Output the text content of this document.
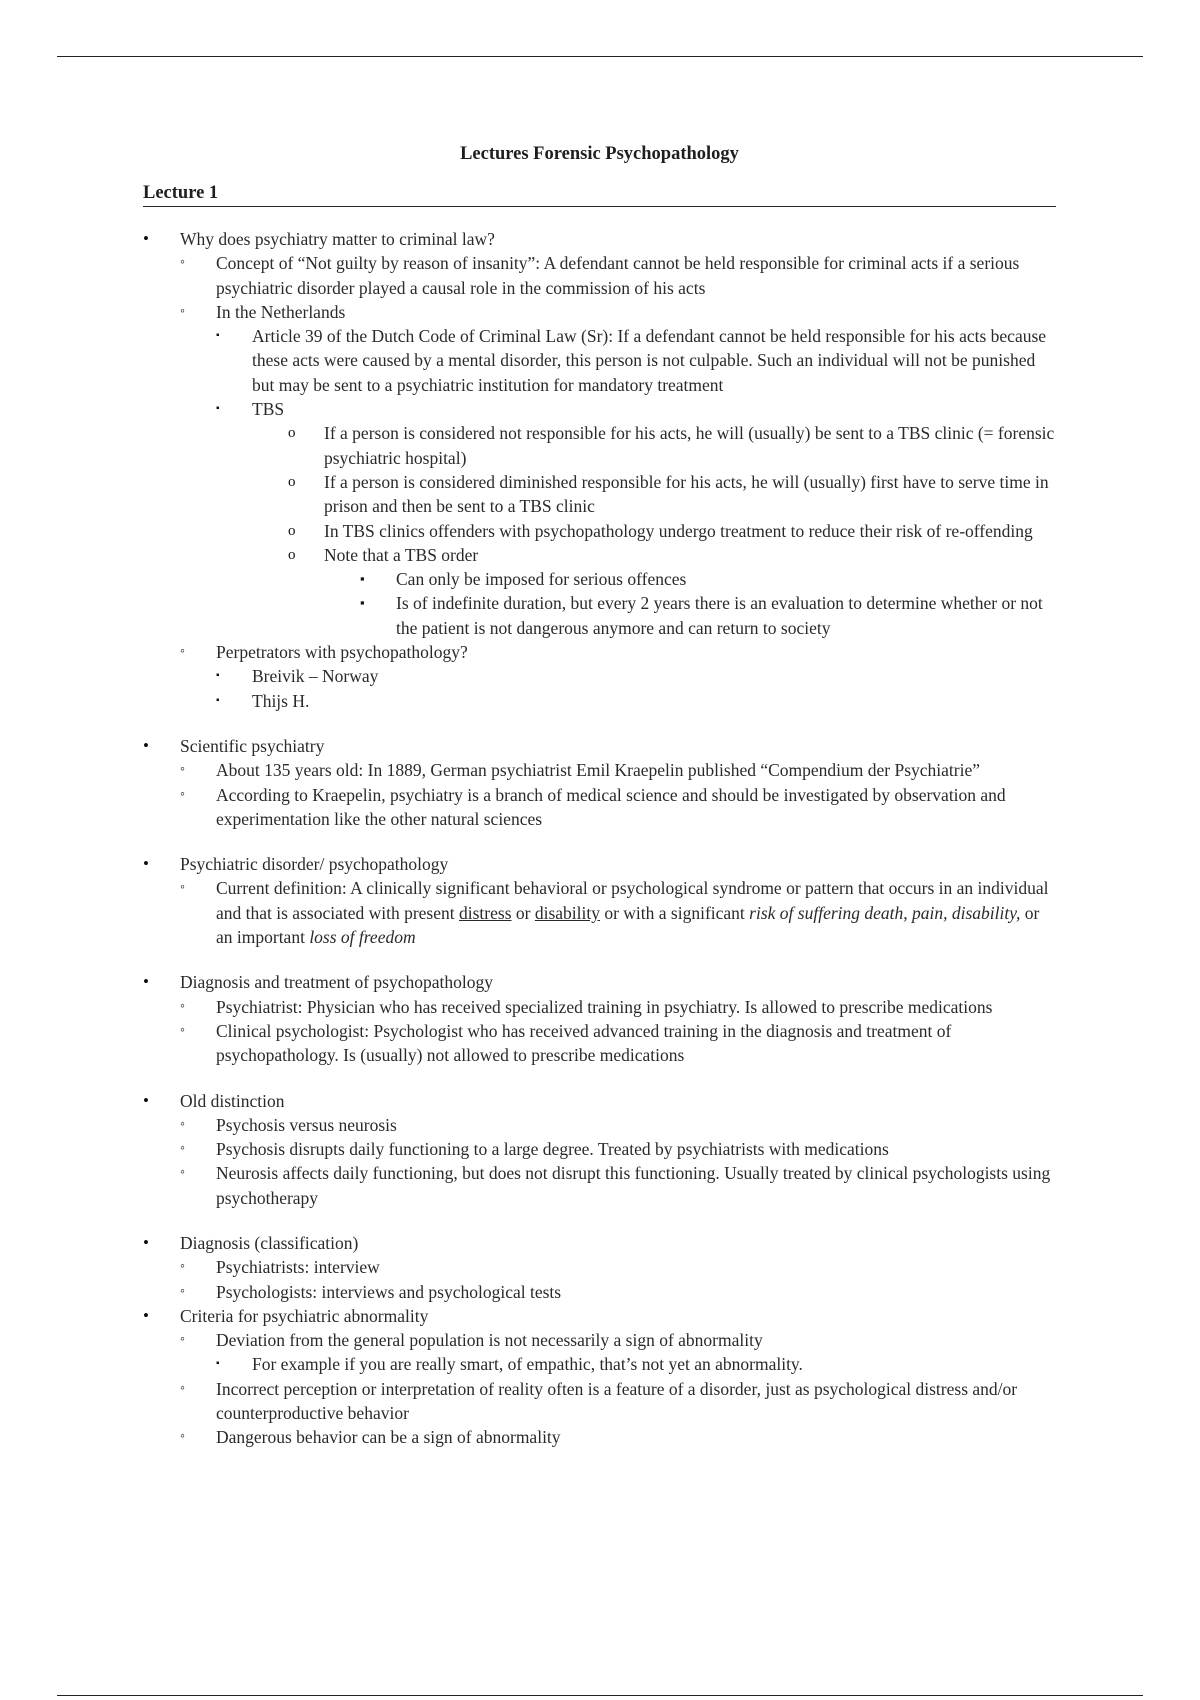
Lectures Forensic Psychopathology
Lecture 1
• Why does psychiatry matter to criminal law?
◦ Concept of “Not guilty by reason of insanity”: A defendant cannot be held responsible for criminal acts if a serious psychiatric disorder played a causal role in the commission of his acts
◦ In the Netherlands
▪ Article 39 of the Dutch Code of Criminal Law (Sr): If a defendant cannot be held responsible for his acts because these acts were caused by a mental disorder, this person is not culpable. Such an individual will not be punished but may be sent to a psychiatric institution for mandatory treatment
▪ TBS
o If a person is considered not responsible for his acts, he will (usually) be sent to a TBS clinic (= forensic psychiatric hospital)
o If a person is considered diminished responsible for his acts, he will (usually) first have to serve time in prison and then be sent to a TBS clinic
o In TBS clinics offenders with psychopathology undergo treatment to reduce their risk of re-offending
o Note that a TBS order
▪ Can only be imposed for serious offences
▪ Is of indefinite duration, but every 2 years there is an evaluation to determine whether or not the patient is not dangerous anymore and can return to society
◦ Perpetrators with psychopathology?
▪ Breivik – Norway
▪ Thijs H.
• Scientific psychiatry
◦ About 135 years old: In 1889, German psychiatrist Emil Kraepelin published “Compendium der Psychiatrie”
◦ According to Kraepelin, psychiatry is a branch of medical science and should be investigated by observation and experimentation like the other natural sciences
• Psychiatric disorder/ psychopathology
◦ Current definition: A clinically significant behavioral or psychological syndrome or pattern that occurs in an individual and that is associated with present distress or disability or with a significant risk of suffering death, pain, disability, or an important loss of freedom
• Diagnosis and treatment of psychopathology
◦ Psychiatrist: Physician who has received specialized training in psychiatry. Is allowed to prescribe medications
◦ Clinical psychologist: Psychologist who has received advanced training in the diagnosis and treatment of psychopathology. Is (usually) not allowed to prescribe medications
• Old distinction
◦ Psychosis versus neurosis
◦ Psychosis disrupts daily functioning to a large degree. Treated by psychiatrists with medications
◦ Neurosis affects daily functioning, but does not disrupt this functioning. Usually treated by clinical psychologists using psychotherapy
• Diagnosis (classification)
◦ Psychiatrists: interview
◦ Psychologists: interviews and psychological tests
• Criteria for psychiatric abnormality
◦ Deviation from the general population is not necessarily a sign of abnormality
▪ For example if you are really smart, of empathic, that’s not yet an abnormality.
◦ Incorrect perception or interpretation of reality often is a feature of a disorder, just as psychological distress and/or counterproductive behavior
◦ Dangerous behavior can be a sign of abnormality
